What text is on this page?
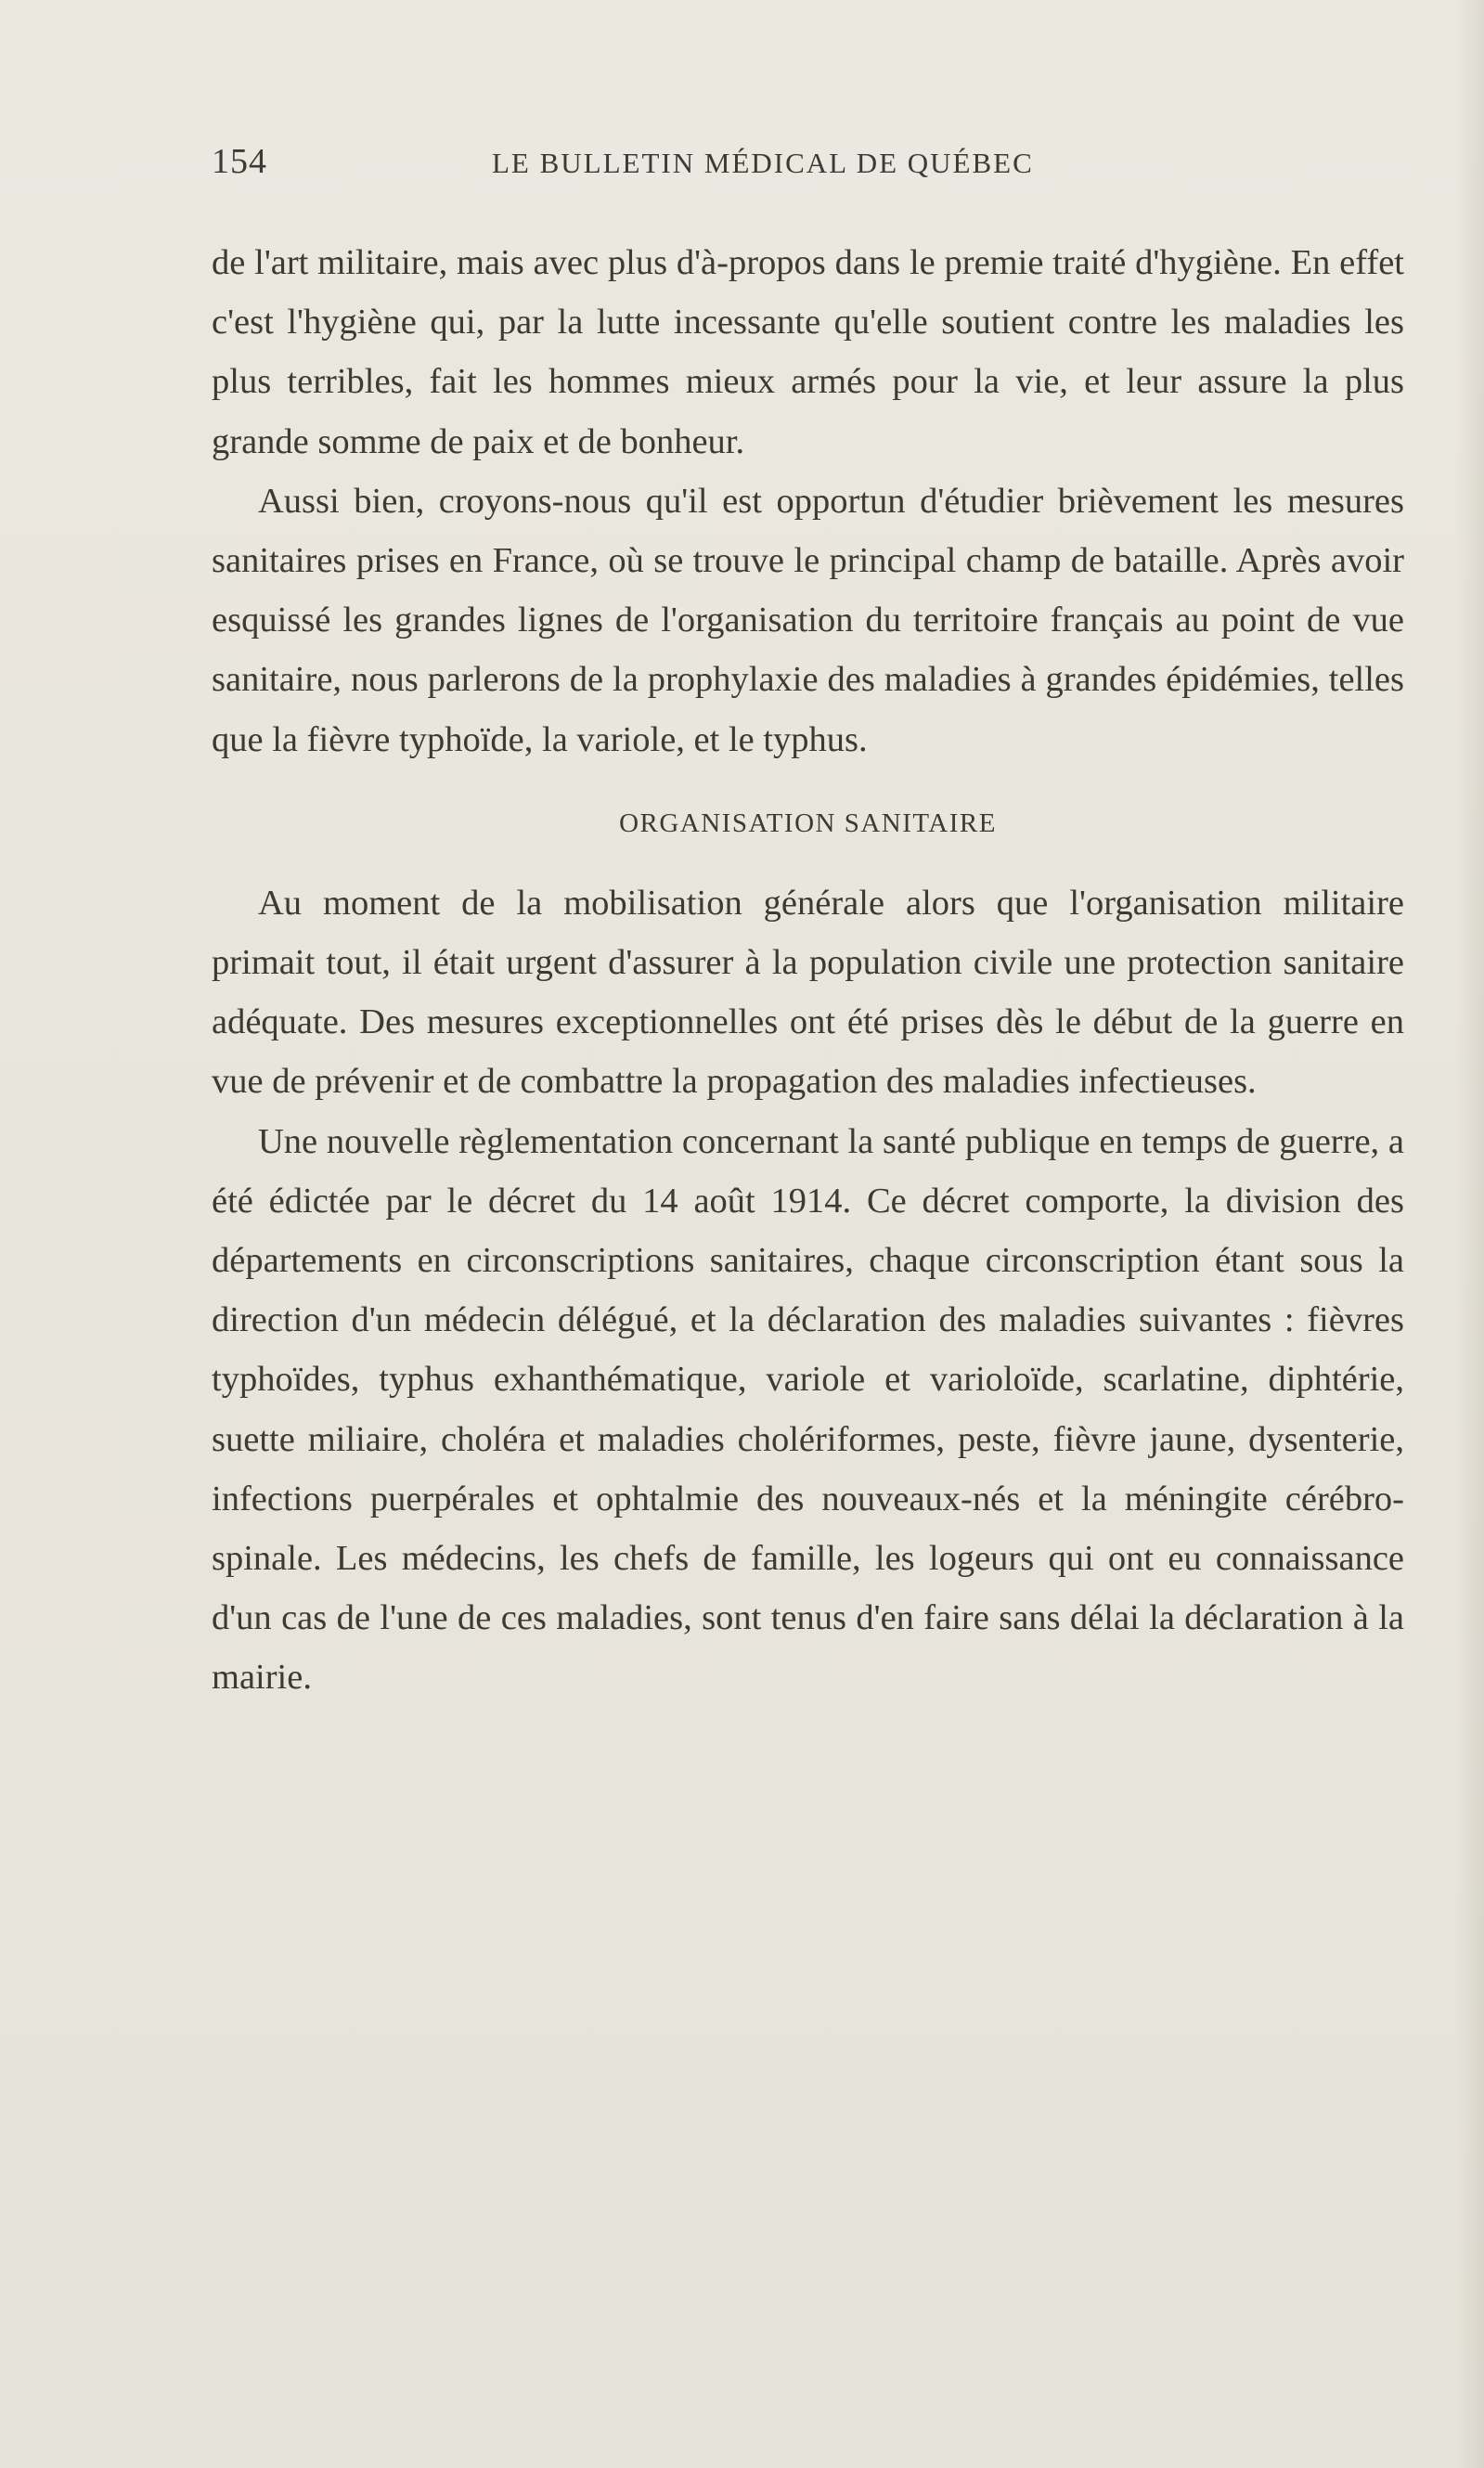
154	LE BULLETIN MÉDICAL DE QUÉBEC

de l'art militaire, mais avec plus d'à-propos dans le premie traité d'hygiène. En effet c'est l'hygiène qui, par la lutte incessante qu'elle soutient contre les maladies les plus terribles, fait les hommes mieux armés pour la vie, et leur assure la plus grande somme de paix et de bonheur.

Aussi bien, croyons-nous qu'il est opportun d'étudier brièvement les mesures sanitaires prises en France, où se trouve le principal champ de bataille. Après avoir esquissé les grandes lignes de l'organisation du territoire français au point de vue sanitaire, nous parlerons de la prophylaxie des maladies à grandes épidémies, telles que la fièvre typhoïde, la variole, et le typhus.

ORGANISATION SANITAIRE

Au moment de la mobilisation générale alors que l'organisation militaire primait tout, il était urgent d'assurer à la population civile une protection sanitaire adéquate. Des mesures exceptionnelles ont été prises dès le début de la guerre en vue de prévenir et de combattre la propagation des maladies infectieuses.

Une nouvelle règlementation concernant la santé publique en temps de guerre, a été édictée par le décret du 14 août 1914. Ce décret comporte, la division des départements en circonscriptions sanitaires, chaque circonscription étant sous la direction d'un médecin délégué, et la déclaration des maladies suivantes : fièvres typhoïdes, typhus exhanthématique, variole et varioloïde, scarlatine, diphtérie, suette miliaire, choléra et maladies cholériformes, peste, fièvre jaune, dysenterie, infections puerpérales et ophtalmie des nouveaux-nés et la méningite cérébro-spinale. Les médecins, les chefs de famille, les logeurs qui ont eu connaissance d'un cas de l'une de ces maladies, sont tenus d'en faire sans délai la déclaration à la mairie.
